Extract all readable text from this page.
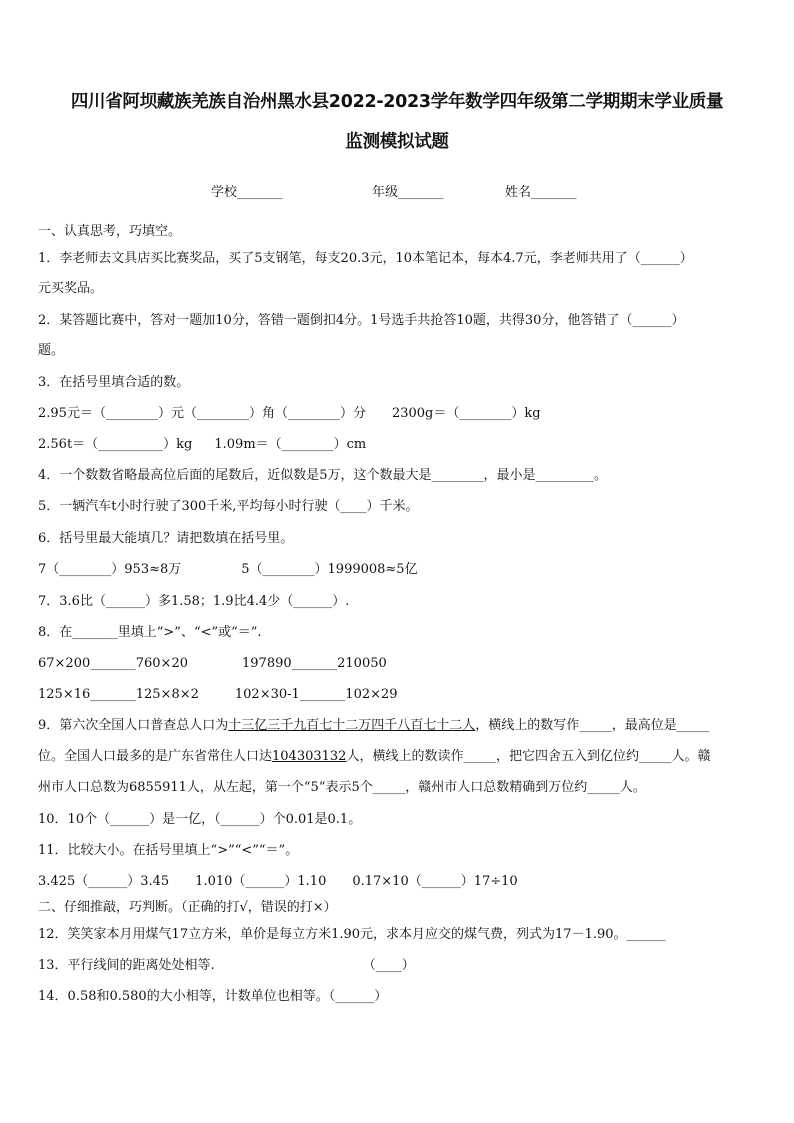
四川省阿坝藏族羌族自治州黑水县2022-2023学年数学四年级第二学期期末学业质量
监测模拟试题
学校_______	年级_______	姓名_______
一、认真思考，巧填空。
1．李老师去文具店买比赛奖品，买了5支钢笔，每支20.3元，10本笔记本，每本4.7元，李老师共用了（______）
元买奖品。
2．某答题比赛中，答对一题加10分，答错一题倒扣4分。1号选手共抢答10题，共得30分，他答错了（______）
题。
3．在括号里填合适的数。
2.95元＝（________）元（________）角（________）分 2300g＝（________）kg
2.56t＝（__________）kg 1.09m＝（________）cm
4．一个数数省略最高位后面的尾数后，近似数是5万，这个数最大是________，最小是_________。
5．一辆汽车t小时行驶了300千米,平均每小时行驶（____）千米。
6．括号里最大能填几？请把数填在括号里。
7（________）953≈8万	5（________）1999008≈5亿
7．3.6比（______）多1.58；1.9比4.4少（______）.
8．在_______里填上“>”、“<”或“＝”.
67×200_______760×20	197890_______210050
125×16_______125×8×2	102×30-1_______102×29
9．第六次全国人口普查总人口为十三亿三千九百七十二万四千八百七十二人，横线上的数写作_____，最高位是_____
位。全国人口最多的是广东省常住人口达104303132人，横线上的数读作_____，把它四舍五入到亿位约_____人。赣
州市人口总数为6855911人，从左起，第一个“5”表示5个_____，赣州市人口总数精确到万位约_____人。
10．10个（______）是一亿，（______）个0.01是0.1。
11．比较大小。在括号里填上“>”“<”“＝”。
3.425（______）3.45 1.010（______）1.10 0.17×10（______）17÷10
二、仔细推敲，巧判断。（正确的打√，错误的打×）
12．笑笑家本月用煤气17立方米，单价是每立方米1.90元，求本月应交的煤气费，列式为17－1.90。______
13．平行线间的距离处处相等.	（____）
14．0.58和0.580的大小相等，计数单位也相等。（______）
